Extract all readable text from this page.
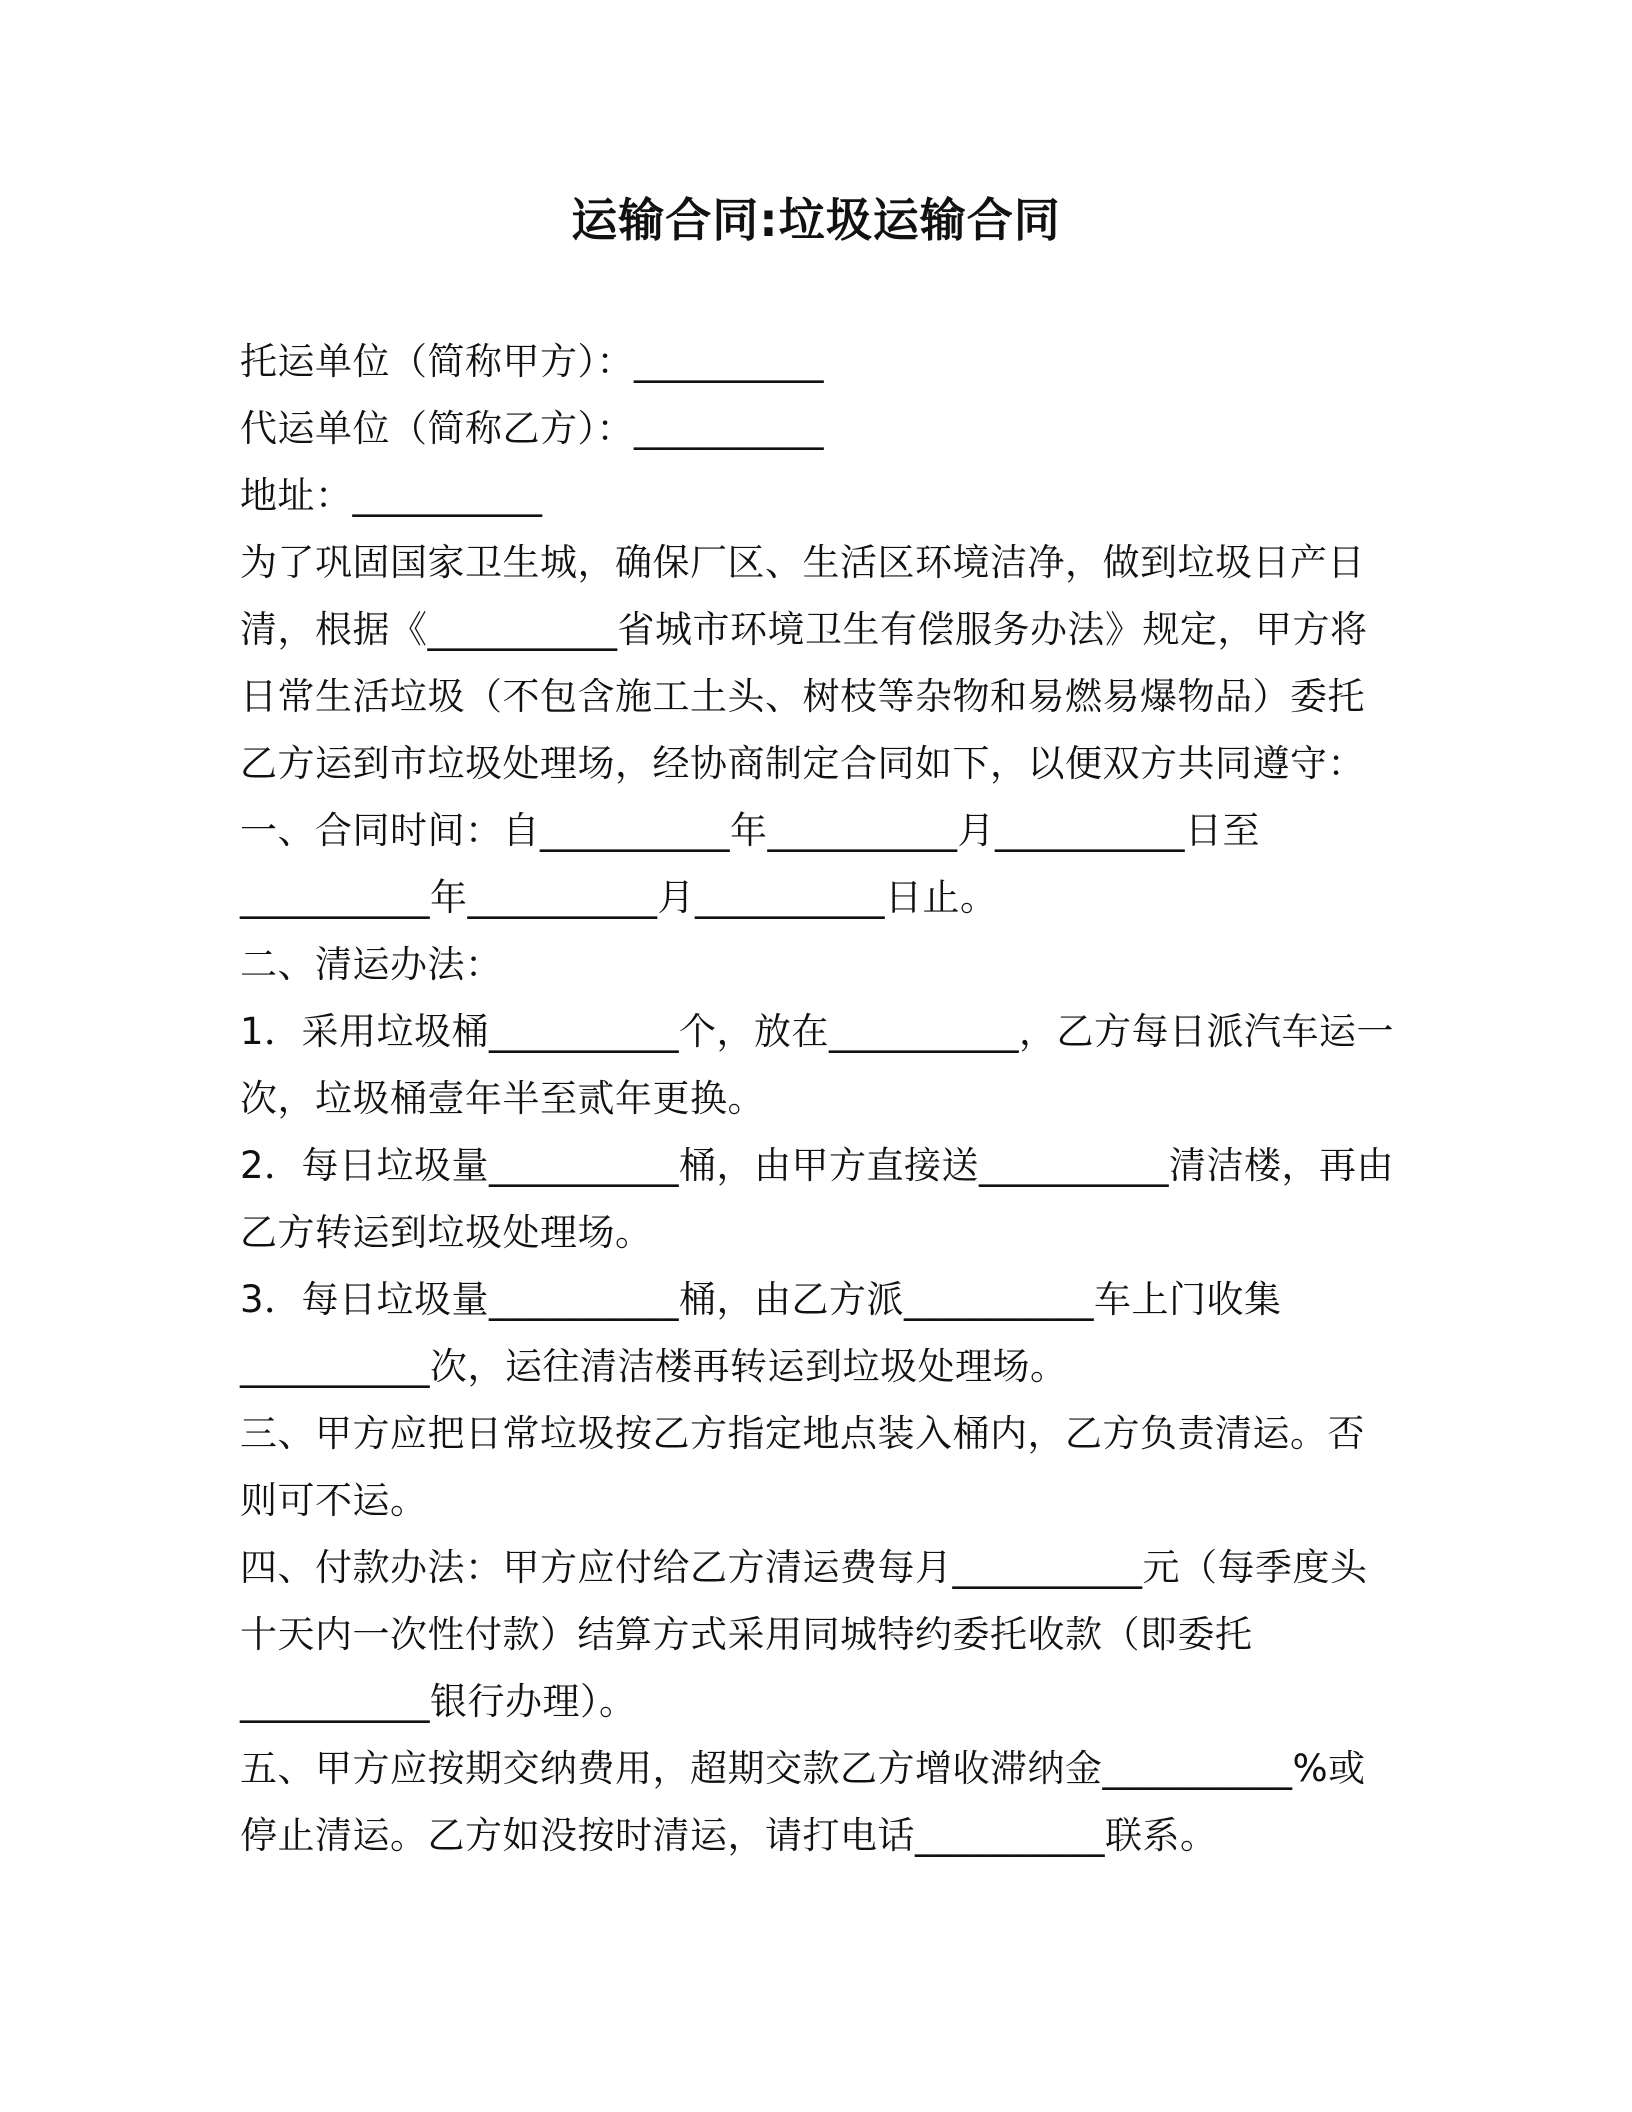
运输合同:垃圾运输合同
托运单位（简称甲方）：__________
代运单位（简称乙方）：__________
地址：__________
为了巩固国家卫生城，确保厂区、生活区环境洁净，做到垃圾日产日
清，根据《__________省城市环境卫生有偿服务办法》规定，甲方将
日常生活垃圾（不包含施工土头、树枝等杂物和易燃易爆物品）委托
乙方运到市垃圾处理场，经协商制定合同如下，以便双方共同遵守：
一、合同时间：自__________年__________月__________日至
__________年__________月__________日止。
二、清运办法：
1．采用垃圾桶__________个，放在__________，乙方每日派汽车运一
次，垃圾桶壹年半至贰年更换。
2．每日垃圾量__________桶，由甲方直接送__________清洁楼，再由
乙方转运到垃圾处理场。
3．每日垃圾量__________桶，由乙方派__________车上门收集
__________次，运往清洁楼再转运到垃圾处理场。
三、甲方应把日常垃圾按乙方指定地点装入桶内，乙方负责清运。否
则可不运。
四、付款办法：甲方应付给乙方清运费每月__________元（每季度头
十天内一次性付款）结算方式采用同城特约委托收款（即委托
__________银行办理）。
五、甲方应按期交纳费用，超期交款乙方增收滞纳金__________%或
停止清运。乙方如没按时清运，请打电话__________联系。
